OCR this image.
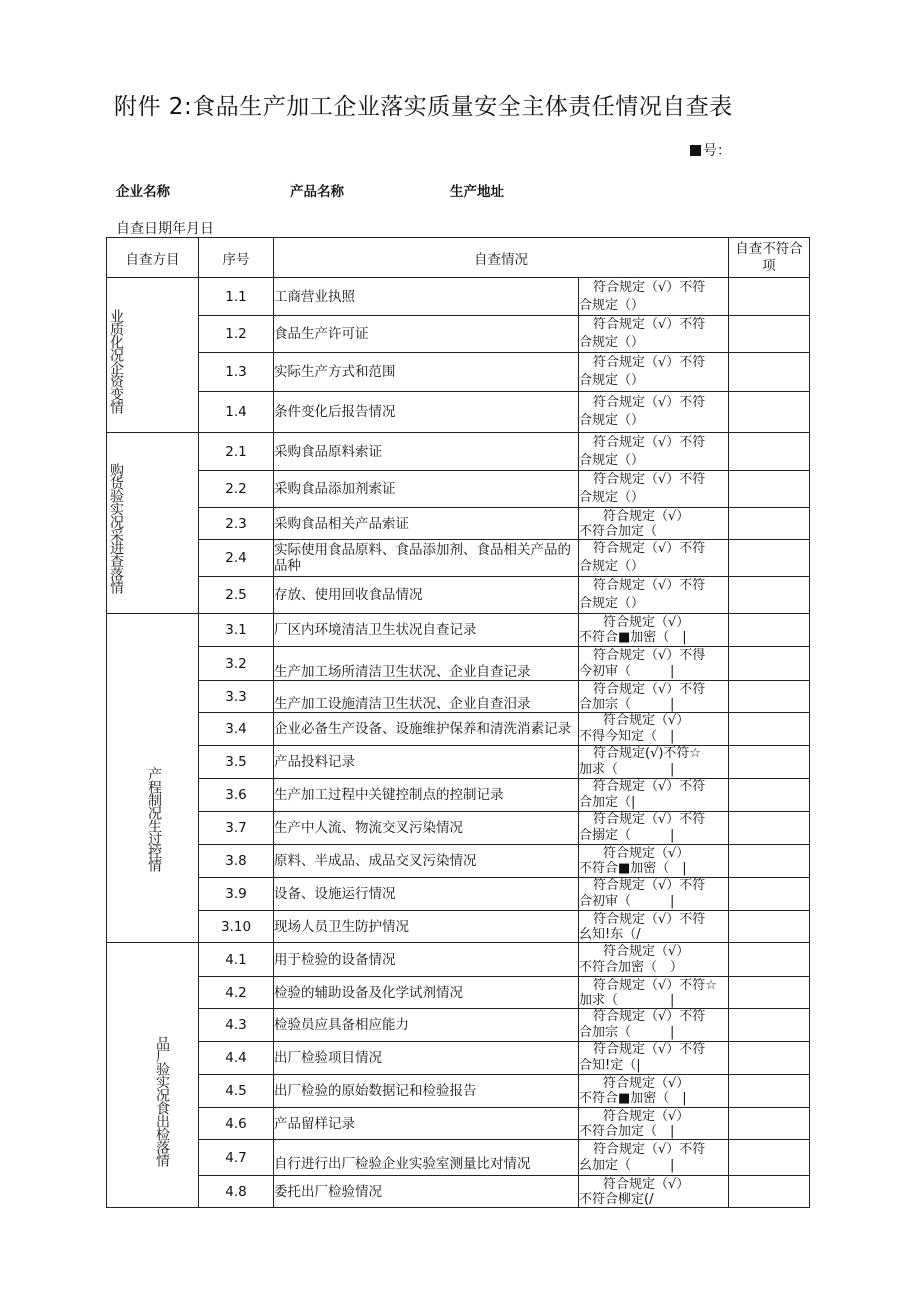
附件 2:食品生产加工企业落实质量安全主体责任情况自查表
号：
企业名称	产品名称	生产地址
自查日期年月日
自查方目	序号	自查情况		自查不符合项

业质化况企资变情	1.1	工商营业执照	符合规定（√）不符
合规定（）	

	1.2	食品生产许可证	符合规定（√）不符
合规定（）	

	1.3	实际生产方式和范围	符合规定（√）不符
合规定（）	

	1.4	条件变化后报告情况	符合规定（√）不符
合规定（）	

购货验实况采进查落情	2.1	采购食品原料索证	符合规定（√）不符
合规定（）	

	2.2	采购食品添加剂索证	符合规定（√）不符
合规定（）	

	2.3	采购食品相关产品索证	符合规定（√）
不符合加定（	

	2.4	实际使用食品原料、食品添加剂、食品相关产品的品种	符合规定（√）不符
合规定（）	

	2.5	存放、使用回收食品情况	符合规定（√）不符
合规定（）	

产程制况生过控情	3.1	厂区内环境清洁卫生状况自查记录	符合规定（√）
不符合■加密（　|	

	3.2	生产加工场所清洁卫生状况、企业自查记录	符合规定（√）不得
今初审（　　　|	

	3.3	生产加工设施清洁卫生状况、企业自查汨录	符合规定（√）不符
合加宗（　　　|	

	3.4	企业必备生产设备、设施维护保养和清洗消素记录	符合规定（√）
不得今知定（　|	

	3.5	产品投料记录	符合规定(√)不符☆
加求（　　　　|	

	3.6	生产加工过程中关键控制点的控制记录	符合规定（√）不符
合加定（|	

	3.7	生产中人流、物流交叉污染情况	符合规定（√）不符
合搦定（　　　|	

	3.8	原料、半成品、成品交叉污染情况	符合规定（√）
不符合■加密（　|	

	3.9	设备、设施运行情况	符合规定（√）不符
合初审（　　　|	

	3.10	现场人员卫生防护情况	符合规定（√）不符
幺知!东（/	

品厂验实况食出检落情	4.1	用于检验的设备情况	符合规定（√）
不符合加密（　）	

	4.2	检验的辅助设备及化学试剂情况	符合规定（√）不符☆
加求（　　　　|	

	4.3	检验员应具备相应能力	符合规定（√）不符
合加宗（　　　|	

	4.4	出厂检验项目情况	符合规定（√）不符
合知!定（|	

	4.5	出厂检验的原始数据记和检验报告	符合规定（√）
不符合■加密（　|	

	4.6	产品留样记录	符合规定（√）
不符合加定（　|	

	4.7	自行进行出厂检验企业实验室测量比对情况	符合规定（√）不符
幺加定（　　　|	

	4.8	委托出厂检验情况	符合规定（√）
不符合柳定(/	
